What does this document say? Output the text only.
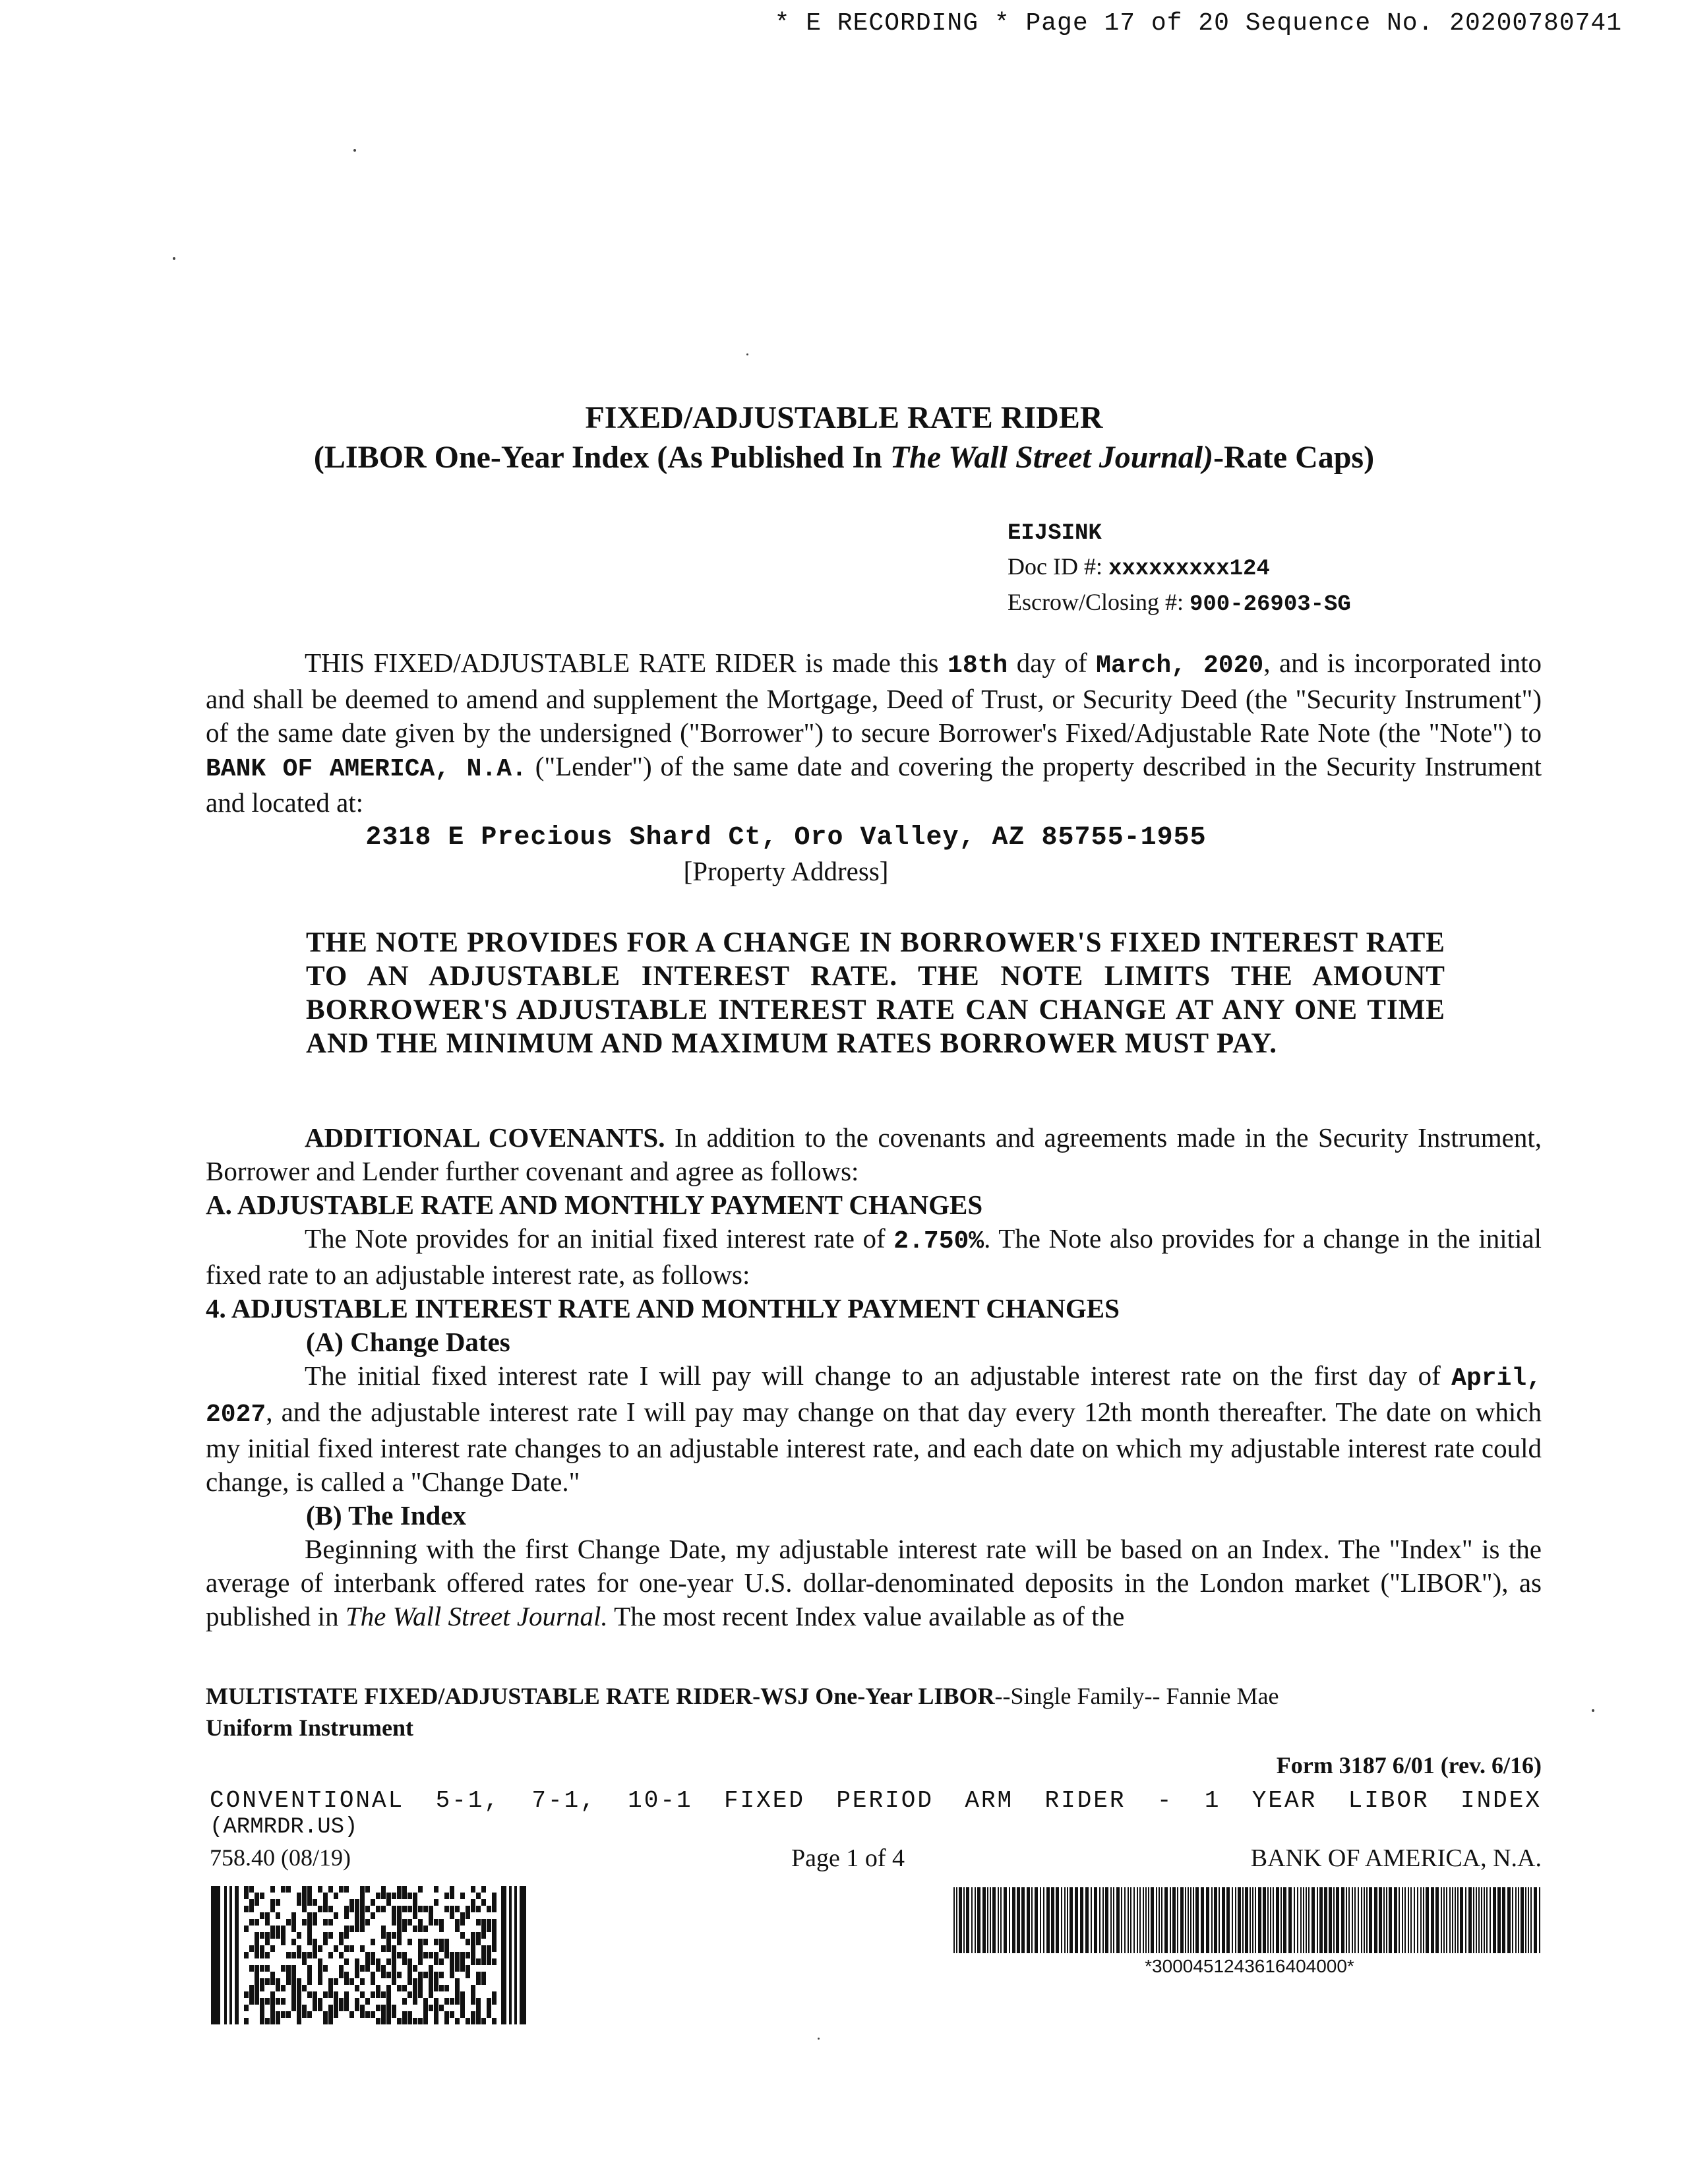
* E RECORDING * Page 17 of 20 Sequence No. 20200780741
FIXED/ADJUSTABLE RATE RIDER
(LIBOR One-Year Index (As Published In The Wall Street Journal)-Rate Caps)
EIJSINK
Doc ID #: xxxxxxxxx124
Escrow/Closing #: 900-26903-SG
THIS FIXED/ADJUSTABLE RATE RIDER is made this 18th day of March, 2020, and is incorporated into and shall be deemed to amend and supplement the Mortgage, Deed of Trust, or Security Deed (the "Security Instrument") of the same date given by the undersigned ("Borrower") to secure Borrower's Fixed/Adjustable Rate Note (the "Note") to BANK OF AMERICA, N.A. ("Lender") of the same date and covering the property described in the Security Instrument and located at:
2318 E Precious Shard Ct, Oro Valley, AZ 85755-1955
[Property Address]
THE NOTE PROVIDES FOR A CHANGE IN BORROWER'S FIXED INTEREST RATE TO AN ADJUSTABLE INTEREST RATE. THE NOTE LIMITS THE AMOUNT BORROWER'S ADJUSTABLE INTEREST RATE CAN CHANGE AT ANY ONE TIME AND THE MINIMUM AND MAXIMUM RATES BORROWER MUST PAY.
ADDITIONAL COVENANTS. In addition to the covenants and agreements made in the Security Instrument, Borrower and Lender further covenant and agree as follows:
A. ADJUSTABLE RATE AND MONTHLY PAYMENT CHANGES
The Note provides for an initial fixed interest rate of 2.750%. The Note also provides for a change in the initial fixed rate to an adjustable interest rate, as follows:
4. ADJUSTABLE INTEREST RATE AND MONTHLY PAYMENT CHANGES
(A) Change Dates
The initial fixed interest rate I will pay will change to an adjustable interest rate on the first day of April, 2027, and the adjustable interest rate I will pay may change on that day every 12th month thereafter. The date on which my initial fixed interest rate changes to an adjustable interest rate, and each date on which my adjustable interest rate could change, is called a "Change Date."
(B) The Index
Beginning with the first Change Date, my adjustable interest rate will be based on an Index. The "Index" is the average of interbank offered rates for one-year U.S. dollar-denominated deposits in the London market ("LIBOR"), as published in The Wall Street Journal. The most recent Index value available as of the
MULTISTATE FIXED/ADJUSTABLE RATE RIDER-WSJ One-Year LIBOR--Single Family-- Fannie Mae
Uniform Instrument
Form 3187 6/01 (rev. 6/16)
CONVENTIONAL 5-1, 7-1, 10-1 FIXED PERIOD ARM RIDER - 1 YEAR LIBOR INDEX
(ARMRDR.US)
758.40 (08/19)	Page 1 of 4	BANK OF AMERICA, N.A.
*3000451243616404000*
